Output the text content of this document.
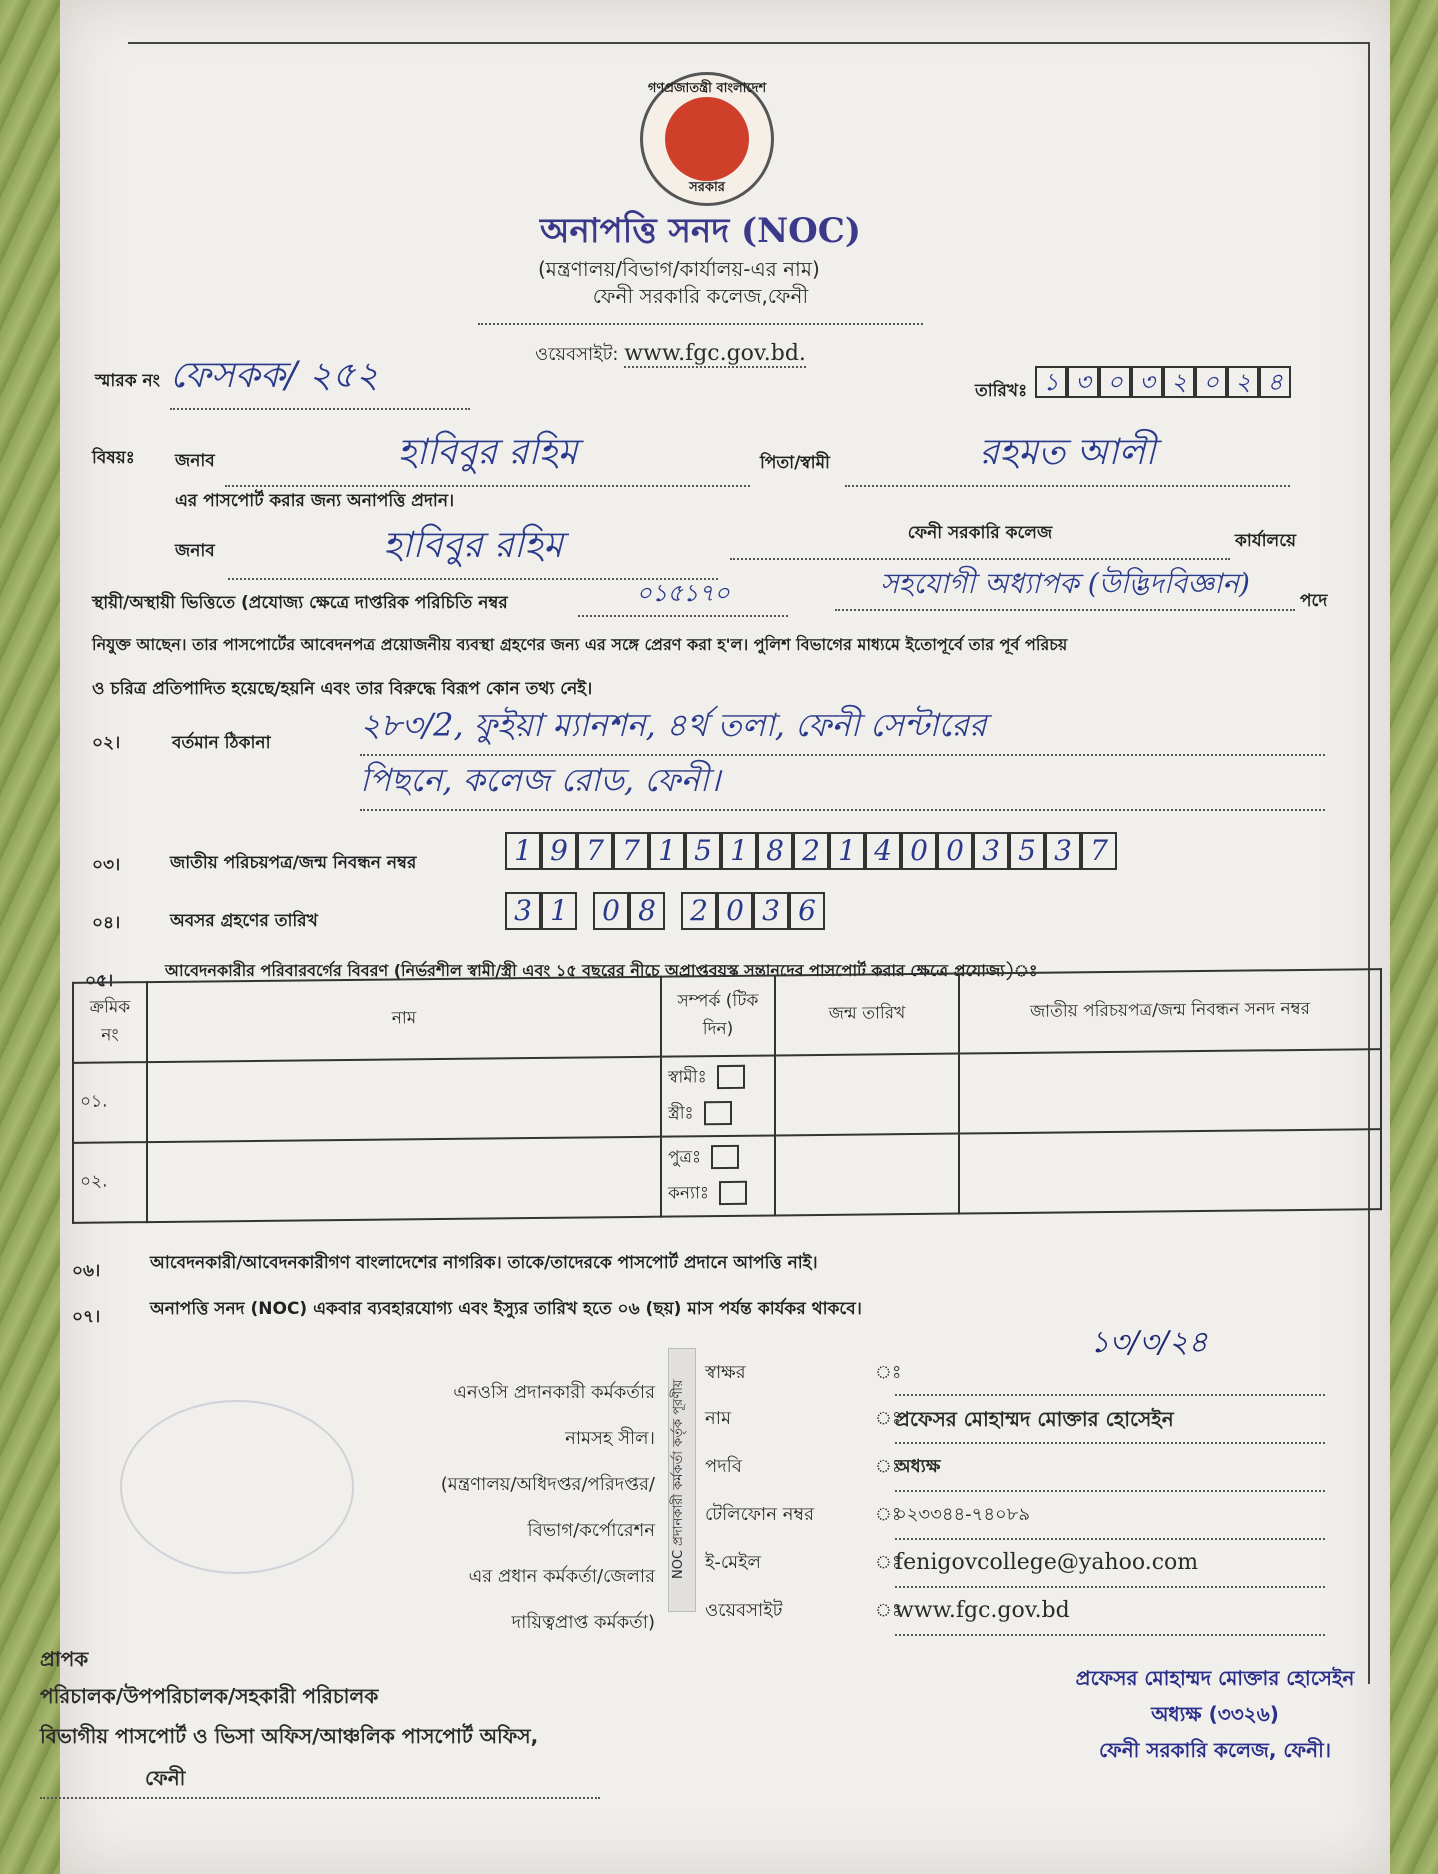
গণপ্রজাতন্ত্রী বাংলাদেশ
সরকার
অনাপত্তি সনদ (NOC)
(মন্ত্রণালয়/বিভাগ/কার্যালয়-এর নাম)
ফেনী সরকারি কলেজ,ফেনী
ওয়েবসাইট: www.fgc.gov.bd.
স্মারক নং ফেসকক/ ২৫২	তারিখঃ ১ ৩ ০ ৩ ২ ০ ২ ৪
বিষয়ঃ জনাব	হাবিবুর রহিম	পিতা/স্বামী	রহমত আলী
এর পাসপোর্ট করার জন্য অনাপত্তি প্রদান।
জনাব	হাবিবুর রহিম	ফেনী সরকারি কলেজ	কার্যালয়ে
স্থায়ী/অস্থায়ী ভিত্তিতে (প্রযোজ্য ক্ষেত্রে দাপ্তরিক পরিচিতি নম্বর	০১৫১৭০	সহযোগী অধ্যাপক (উদ্ভিদবিজ্ঞান)
পদে
নিযুক্ত আছেন। তার পাসপোর্টের আবেদনপত্র প্রয়োজনীয় ব্যবস্থা গ্রহণের জন্য এর সঙ্গে প্রেরণ করা হ'ল। পুলিশ বিভাগের মাধ্যমে ইতোপূর্বে তার পূর্ব পরিচয়
ও চরিত্র প্রতিপাদিত হয়েছে/হয়নি এবং তার বিরুদ্ধে বিরূপ কোন তথ্য নেই।
০২।	বর্তমান ঠিকানা	২৮৩/2, ফুইয়া ম্যানশন, ৪র্থ তলা, ফেনী সেন্টারের
পিছনে, কলেজ রোড, ফেনী।
০৩।	জাতীয় পরিচয়পত্র/জন্ম নিবন্ধন নম্বর	1 9 7 7 1 5 1 8 2 1 4 0 0 3 5 3 7
০৪।	অবসর গ্রহণের তারিখ	3 1	0 8	2 0 3 6
০৫।
আবেদনকারীর পরিবারবর্গের বিবরণ (নির্ভরশীল স্বামী/স্ত্রী এবং ১৫ বছরের নীচে অপ্রাপ্তবয়স্ক সন্তানদের পাসপোর্ট করার ক্ষেত্রে প্রযোজ্য)ঃ
ক্রমিক নং	নাম	সম্পর্ক (টিক দিন)	জন্ম তারিখ	জাতীয় পরিচয়পত্র/জন্ম নিবন্ধন সনদ নম্বর
০১.		স্বামীঃ
স্ত্রীঃ		

০২.		পুত্রঃ
কন্যাঃ		

০৬।	আবেদনকারী/আবেদনকারীগণ বাংলাদেশের নাগরিক। তাকে/তাদেরকে পাসপোর্ট প্রদানে আপত্তি নাই।
০৭।	অনাপত্তি সনদ (NOC) একবার ব্যবহারযোগ্য এবং ইস্যুর তারিখ হতে ০৬ (ছয়) মাস পর্যন্ত কার্যকর থাকবে।
এনওসি প্রদানকারী কর্মকর্তার
নামসহ সীল।
(মন্ত্রণালয়/অধিদপ্তর/পরিদপ্তর/
বিভাগ/কর্পোরেশন
এর প্রধান কর্মকর্তা/জেলার
দায়িত্বপ্রাপ্ত কর্মকর্তা)
NOC প্রদানকারী কর্মকর্তা কর্তৃক পূরণীয়
স্বাক্ষর	ঃ
নাম	ঃ
প্রফেসর মোহাম্মদ মোক্তার হোসেইন
পদবি	ঃ
অধ্যক্ষ
টেলিফোন নম্বর	ঃ
০২৩৩৪৪-৭৪০৮৯
ই-মেইল	ঃ
fenigovcollege@yahoo.com
ওয়েবসাইট	ঃ
www.fgc.gov.bd
১৩/৩/২৪
প্রাপক
পরিচালক/উপপরিচালক/সহকারী পরিচালক
বিভাগীয় পাসপোর্ট ও ভিসা অফিস/আঞ্চলিক পাসপোর্ট অফিস,
ফেনী
প্রফেসর মোহাম্মদ মোক্তার হোসেইন
অধ্যক্ষ (৩৩২৬)
ফেনী সরকারি কলেজ, ফেনী।
